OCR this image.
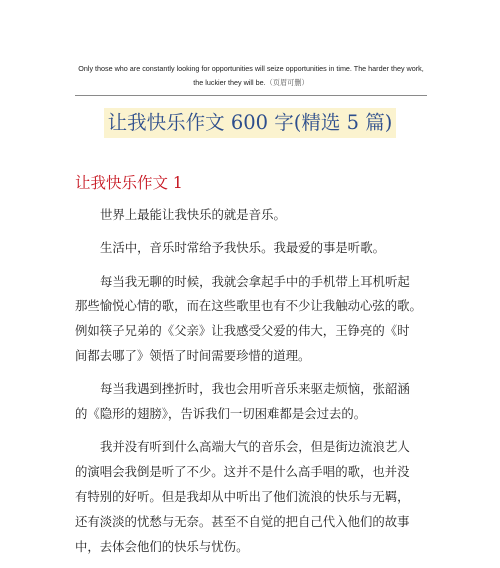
Only those who are constantly looking for opportunities will seize opportunities in time. The harder they work,
the luckier they will be.（页眉可删）
让我快乐作文 600 字(精选 5 篇)
让我快乐作文 1

世界上最能让我快乐的就是音乐。

生活中，音乐时常给予我快乐。我最爱的事是听歌。

每当我无聊的时候，我就会拿起手中的手机带上耳机听起
那些愉悦心情的歌，而在这些歌里也有不少让我触动心弦的歌。
例如筷子兄弟的《父亲》让我感受父爱的伟大，王铮亮的《时
间都去哪了》领悟了时间需要珍惜的道理。

每当我遇到挫折时，我也会用听音乐来驱走烦恼，张韶涵
的《隐形的翅膀》，告诉我们一切困难都是会过去的。

我并没有听到什么高端大气的音乐会，但是街边流浪艺人
的演唱会我倒是听了不少。这并不是什么高手唱的歌，也并没
有特别的好听。但是我却从中听出了他们流浪的快乐与无羁，
还有淡淡的忧愁与无奈。甚至不自觉的把自己代入他们的故事
中，去体会他们的快乐与忧伤。
